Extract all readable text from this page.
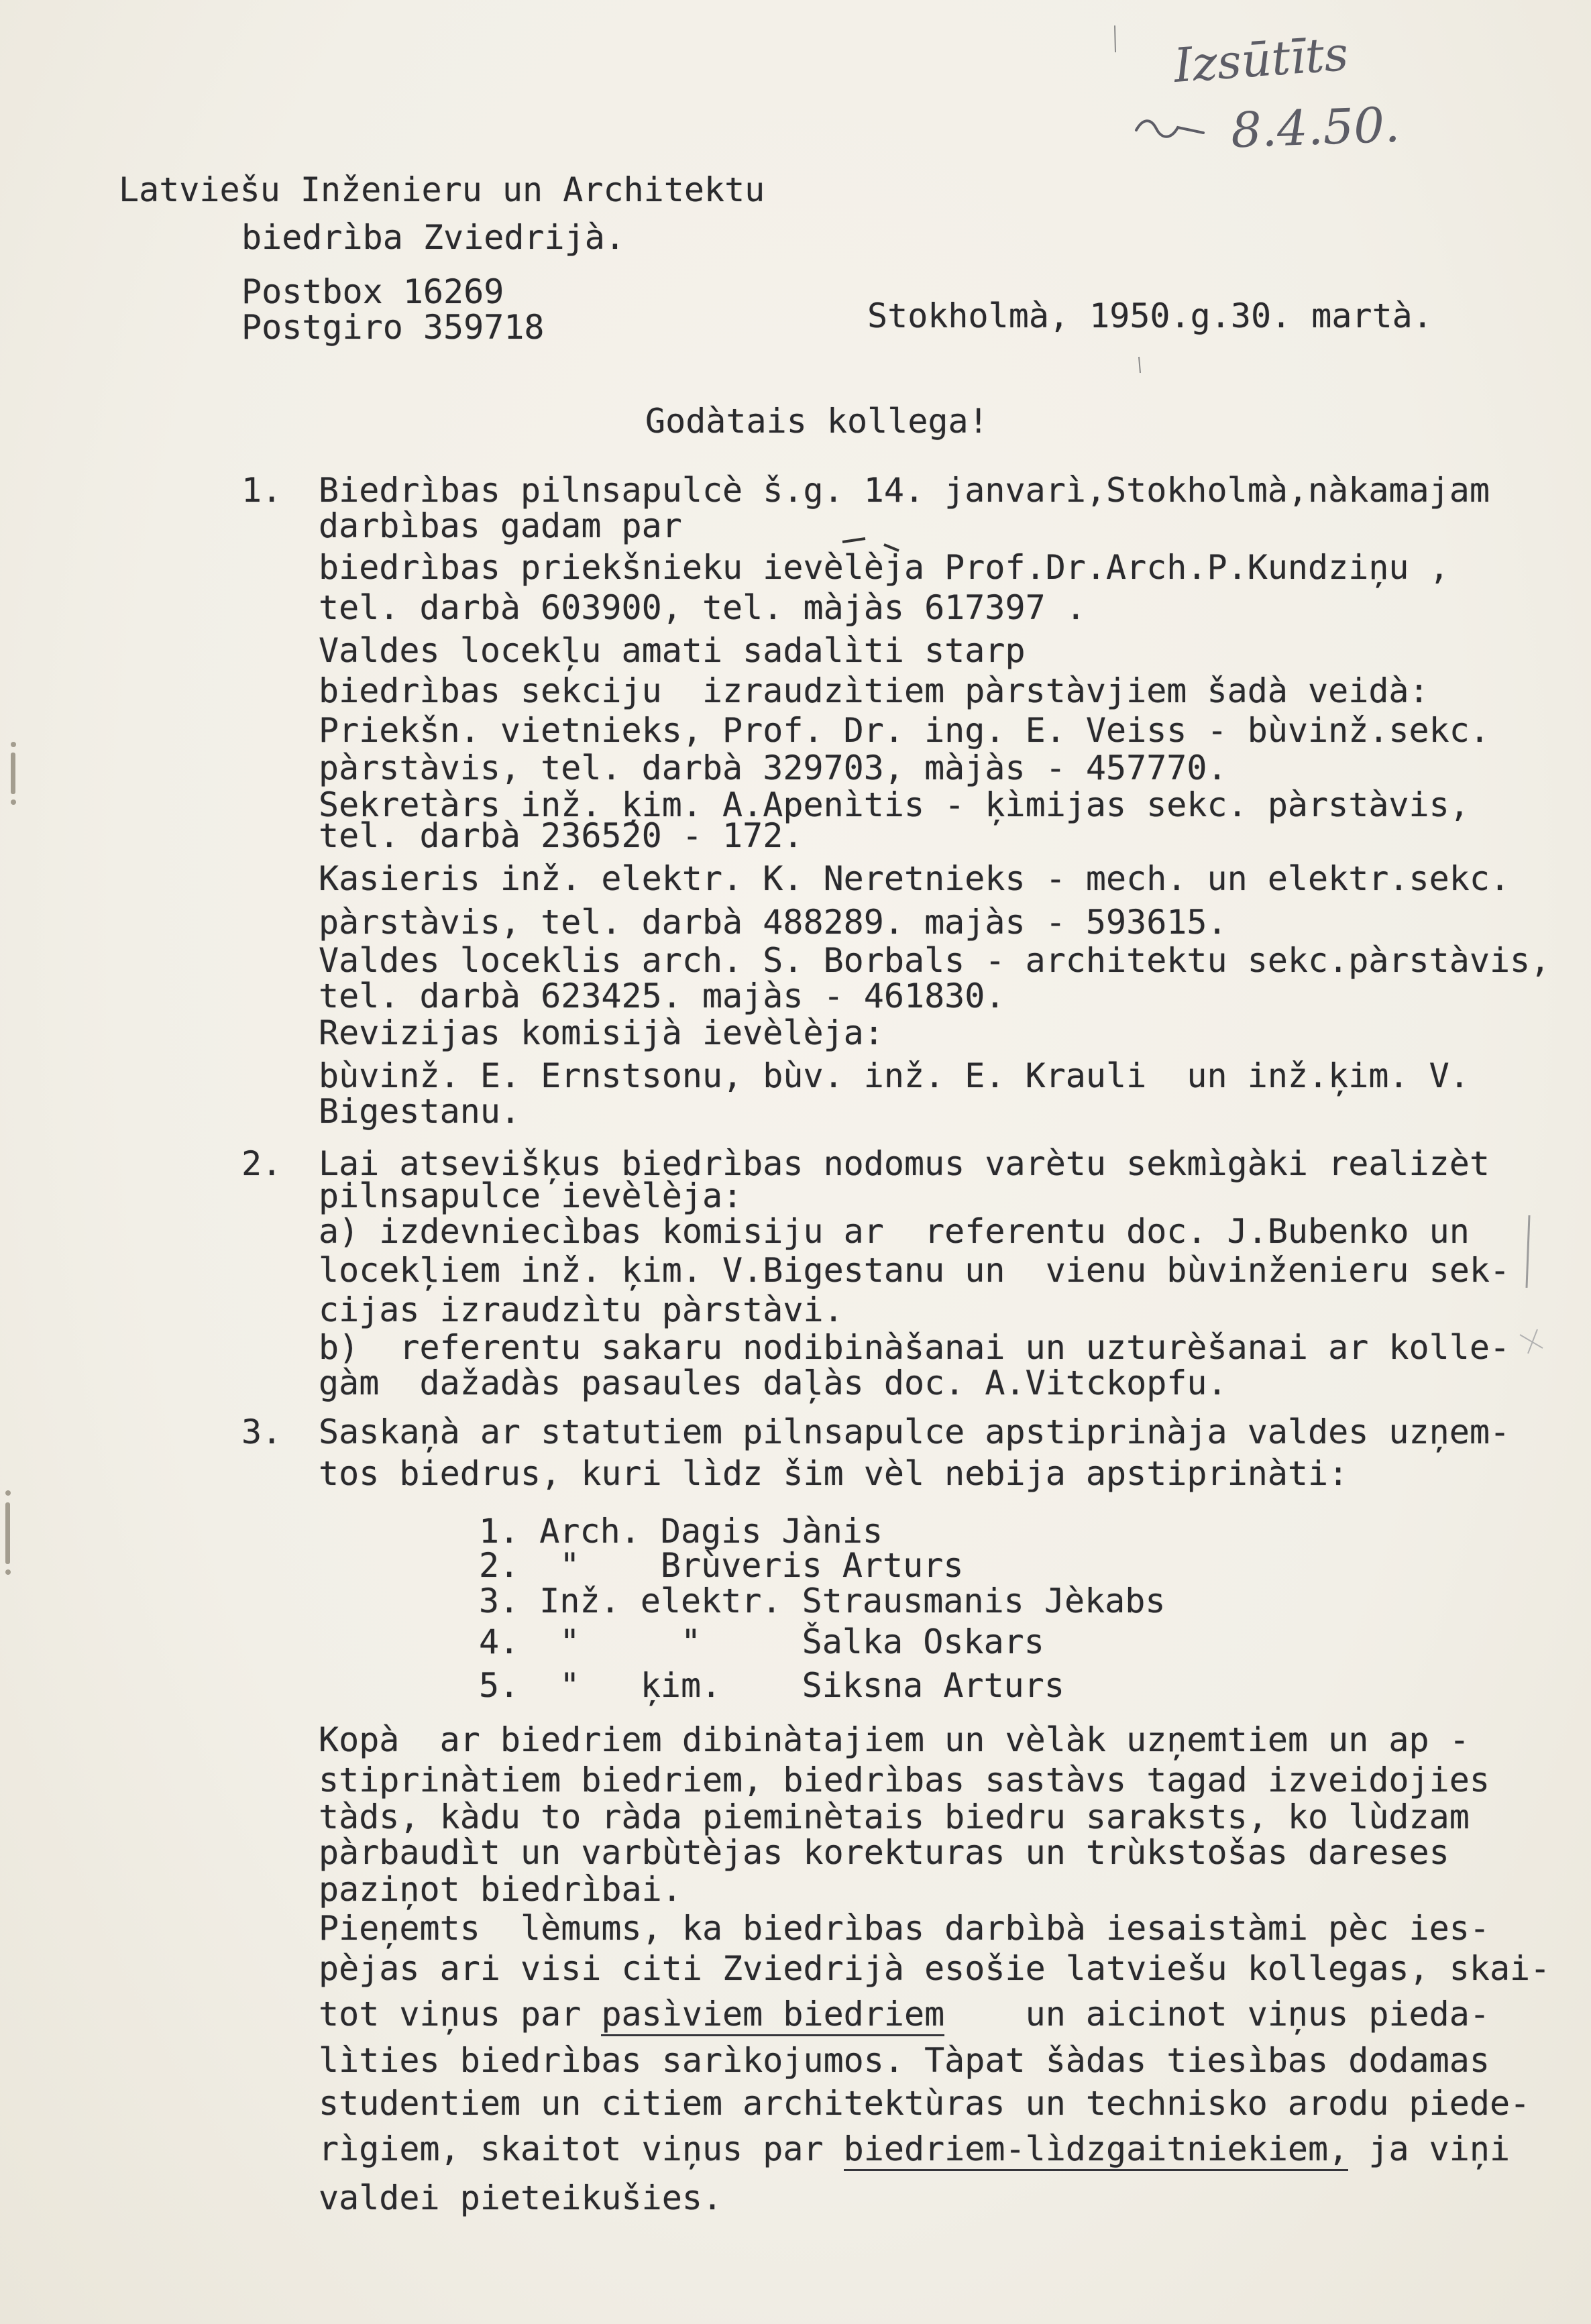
Izsūtīts
8.4.50.
Latviešu Inženieru un Architektu
biedrìba Zviedrijà.
Postbox 16269
Postgiro 359718	Stokholmà, 1950.g.30. martà.
Godàtais kollega!
1. Biedrìbas pilnsapulcè š.g. 14. janvarì,Stokholmà,nàkamajam
darbìbas gadam par
biedrìbas priekšnieku ievèlèja Prof.Dr.Arch.P.Kundziņu ,
tel. darbà 603900, tel. màjàs 617397 .
Valdes locekļu amati sadalìti starp
biedrìbas sekciju  izraudzìtiem pàrstàvjiem šadà veidà:
Priekšn. vietnieks, Prof. Dr. ing. E. Veiss - bùvinž.sekc.
pàrstàvis, tel. darbà 329703, màjàs - 457770.
Sekretàrs inž. ķim. A.Apenìtis - ķìmijas sekc. pàrstàvis,
tel. darbà 236520 - 172.
Kasieris inž. elektr. K. Neretnieks - mech. un elektr.sekc.
pàrstàvis, tel. darbà 488289. majàs - 593615.
Valdes loceklis arch. S. Borbals - architektu sekc.pàrstàvis,
tel. darbà 623425. majàs - 461830.
Revizijas komisijà ievèlèja:
bùvinž. E. Ernstsonu, bùv. inž. E. Krauli  un inž.ķim. V.
Bigestanu.
2. Lai atsevišķus biedrìbas nodomus varètu sekmìgàki realizèt
pilnsapulce ievèlèja:
a) izdevniecìbas komisiju ar  referentu doc. J.Bubenko un
locekļiem inž. ķim. V.Bigestanu un  vienu bùvinženieru sek-
cijas izraudzìtu pàrstàvi.
b)  referentu sakaru nodibinàšanai un uzturèšanai ar kolle-
gàm  dažadàs pasaules daļàs doc. A.Vitckopfu.
3. Saskaņà ar statutiem pilnsapulce apstiprinàja valdes uzņem-
tos biedrus, kuri lìdz šim vèl nebija apstiprinàti:
1. Arch. Dagis Jànis
2.  "    Brùveris Arturs
3. Inž. elektr. Strausmanis Jèkabs
4.  "     "     Šalka Oskars
5.  "   ķim.    Siksna Arturs
Kopà  ar biedriem dibinàtajiem un vèlàk uzņemtiem un ap -
stiprinàtiem biedriem, biedrìbas sastàvs tagad izveidojies
tàds, kàdu to ràda pieminètais biedru saraksts, ko lùdzam
pàrbaudìt un varbùtèjas korekturas un trùkstošas dareses
paziņot biedrìbai.
Pieņemts  lèmums, ka biedrìbas darbìbà iesaistàmi pèc ies-
pèjas ari visi citi Zviedrijà esošie latviešu kollegas, skai-
tot viņus par pasìviem biedriem    un aicinot viņus pieda-
lìties biedrìbas sarìkojumos. Tàpat šàdas tiesìbas dodamas
studentiem un citiem architektùras un technisko arodu piede-
rìgiem, skaitot viņus par biedriem-lìdzgaitniekiem, ja viņi
valdei pieteikušies.
